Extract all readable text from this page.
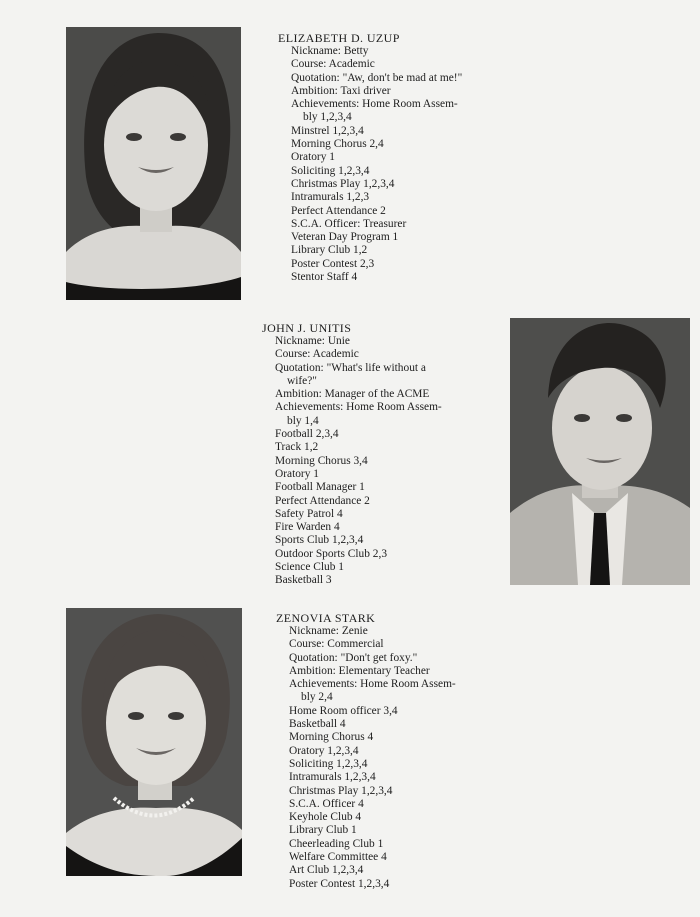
ELIZABETH D. UZUP
Nickname: Betty
Course: Academic
Quotation: "Aw, don't be mad at me!"
Ambition: Taxi driver
Achievements: Home Room Assem-
bly 1,2,3,4
Minstrel 1,2,3,4
Morning Chorus 2,4
Oratory 1
Soliciting 1,2,3,4
Christmas Play 1,2,3,4
Intramurals 1,2,3
Perfect Attendance 2
S.C.A. Officer: Treasurer
Veteran Day Program 1
Library Club 1,2
Poster Contest 2,3
Stentor Staff 4
JOHN J. UNITIS
Nickname: Unie
Course: Academic
Quotation: "What's life without a
wife?"
Ambition: Manager of the ACME
Achievements: Home Room Assem-
bly 1,4
Football 2,3,4
Track 1,2
Morning Chorus 3,4
Oratory 1
Football Manager 1
Perfect Attendance 2
Safety Patrol 4
Fire Warden 4
Sports Club 1,2,3,4
Outdoor Sports Club 2,3
Science Club 1
Basketball 3
ZENOVIA STARK
Nickname: Zenie
Course: Commercial
Quotation: "Don't get foxy."
Ambition: Elementary Teacher
Achievements: Home Room Assem-
bly 2,4
Home Room officer 3,4
Basketball 4
Morning Chorus 4
Oratory 1,2,3,4
Soliciting 1,2,3,4
Intramurals 1,2,3,4
Christmas Play 1,2,3,4
S.C.A. Officer 4
Keyhole Club 4
Library Club 1
Cheerleading Club 1
Welfare Committee 4
Art Club 1,2,3,4
Poster Contest 1,2,3,4
